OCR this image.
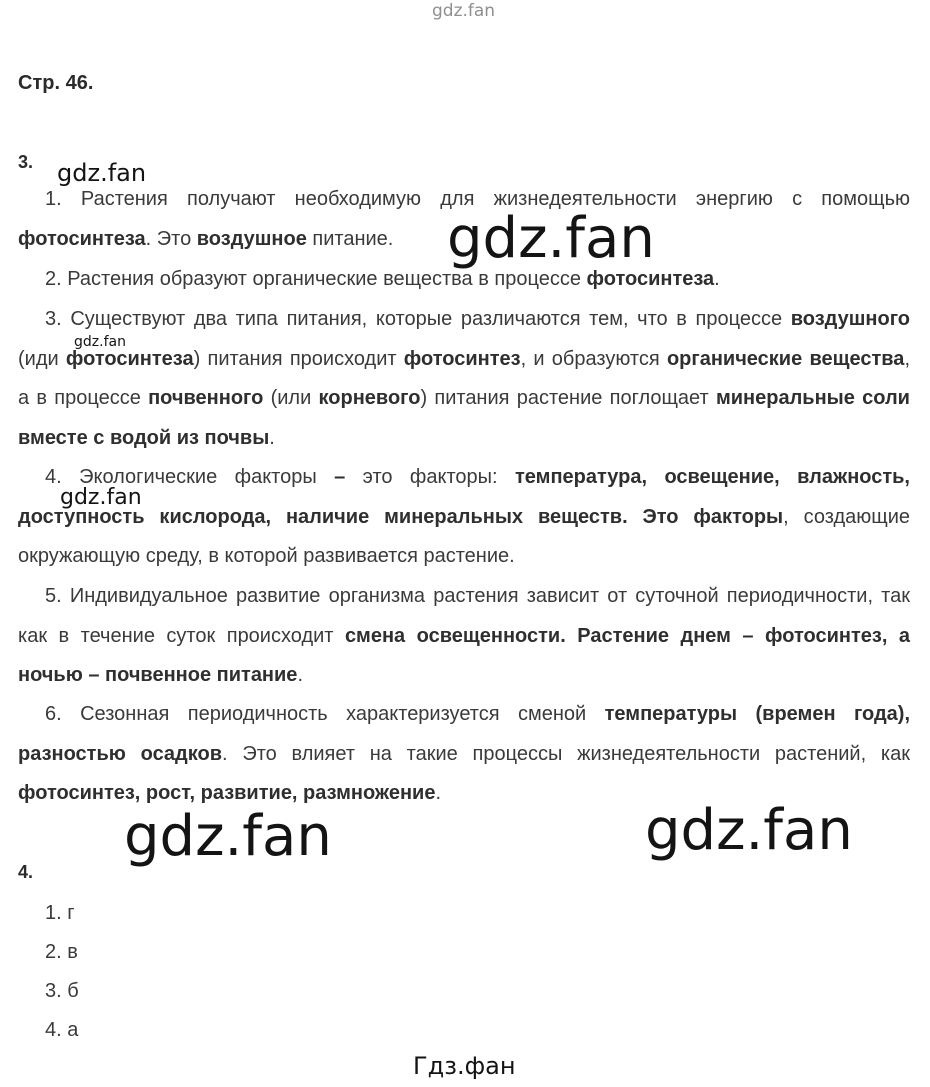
gdz.fan
Стр. 46.
3.

1. Растения получают необходимую для жизнедеятельности энергию с помощью фотосинтеза. Это воздушное питание.

2. Растения образуют органические вещества в процессе фотосинтеза.

3. Существуют два типа питания, которые различаются тем, что в процессе воздушного (иди фотосинтеза) питания происходит фотосинтез, и образуются органические вещества, а в процессе почвенного (или корневого) питания растение поглощает минеральные соли вместе с водой из почвы.

4. Экологические факторы – это факторы: температура, освещение, влажность, доступность кислорода, наличие минеральных веществ. Это факторы, создающие окружающую среду, в которой развивается растение.

5. Индивидуальное развитие организма растения зависит от суточной периодичности, так как в течение суток происходит смена освещенности. Растение днем – фотосинтез, а ночью – почвенное питание.

6. Сезонная периодичность характеризуется сменой температуры (времен года), разностью осадков. Это влияет на такие процессы жизнедеятельности растений, как фотосинтез, рост, развитие, размножение.

4.
1. г
2. в
3. б
4. а
gdz.fan
gdz.fan
gdz.fan
gdz.fan
gdz.fan	gdz.fan
Гдз.фан
